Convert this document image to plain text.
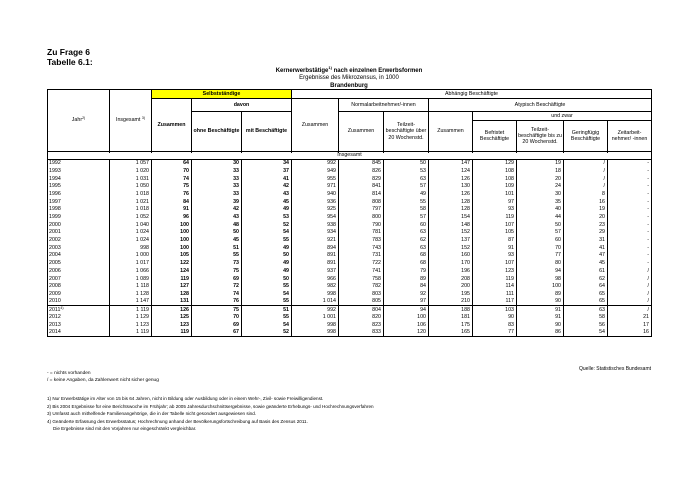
Zu Frage 6
Tabelle 6.1:
Kernerwerbstätige$^{1)}$ nach einzelnen Erwerbsformen
Ergebnisse des Mikrozensus, in 1000
Brandenburg
Jahr$^{2)}$	Insgesamt $^{3)}$	Selbstständige			Abhängig Beschäftigte							
		Zusammen	davon		Zusammen	Normalarbeitnehmer/-innen		Atypisch Beschäftigte				
			ohne Beschäftigte	mit Beschäftigte		Zusammen	Teilzeit-beschäftigte über 20 Wochenstd.	Zusammen	und zwar			
									Befristet Beschäftigte	Teilzeit-beschäftigte bis zu 20 Wochenstd.	Geringfügig Beschäftigte	Zeitarbeit-nehmer/ -innen

Insgesamt												
1992	1 057	64	30	34	992	845	50	147	129	19	/	-
1993	1 020	70	33	37	949	826	53	124	108	18	/	-
1994	1 031	74	33	41	955	829	63	126	108	20	/	-
1995	1 050	75	33	42	971	841	57	130	109	24	/	-
1996	1 018	76	33	43	940	814	49	126	101	30	8	-
1997	1 021	84	39	45	936	808	55	128	97	35	16	-
1998	1 018	91	42	49	925	797	58	128	93	40	19	-
1999	1 052	96	43	53	954	800	57	154	119	44	20	-
2000	1 040	100	48	52	938	790	60	148	107	50	23	-
2001	1 024	100	50	54	934	781	63	152	105	57	29	-
2002	1 024	100	45	55	921	783	62	137	87	60	31	-
2003	998	100	51	49	894	743	63	152	91	70	41	-
2004	1 000	105	55	50	891	731	68	160	93	77	47	-
2005	1 017	122	73	49	891	722	68	170	107	80	45	-
2006	1 066	124	75	49	937	741	79	196	123	94	61	/
2007	1 089	119	69	50	966	758	89	208	119	98	62	/
2008	1 118	127	72	55	982	782	84	200	114	100	64	/
2009	1 128	128	74	54	998	803	92	195	111	89	65	/
2010	1 147	131	76	55	1 014	805	97	210	117	90	65	/
2011$^{4)}$	1 119	126	75	51	992	804	94	188	103	91	63	/
2012	1 129	125	70	55	1 001	820	100	181	90	91	58	21
2013	1 123	123	69	54	998	823	106	175	83	90	56	17
2014	1 119	119	67	52	998	833	120	165	77	86	54	16
Quelle: Statistisches Bundesamt
- = nichts vorhanden
/ = keine Angaben, da Zahlenwert nicht sicher genug
1) Nur Erwerbstätige im Alter von 15 bis 64 Jahren, nicht in Bildung oder Ausbildung oder in einem Wehr-, Zivil- sowie Freiwilligendienst.
2) Bis 2004 Ergebnisse für eine Berichtswoche im Frühjahr; ab 2005 Jahresdurchschnittsergebnisse, sowie geänderte Erhebungs- und Hochrechnungsverfahren
3) Umfasst auch mithelfende Familienangehörige, die in der Tabelle nicht gesondert ausgewiesen sind.
4) Geänderte Erfassung des Erwerbsstatus; Hochrechnung anhand der Bevölkerungsfortschreibung auf Basis des Zensus 2011.
Die Ergebnisse sind mit den Vorjahren nur eingeschränkt vergleichbar.
